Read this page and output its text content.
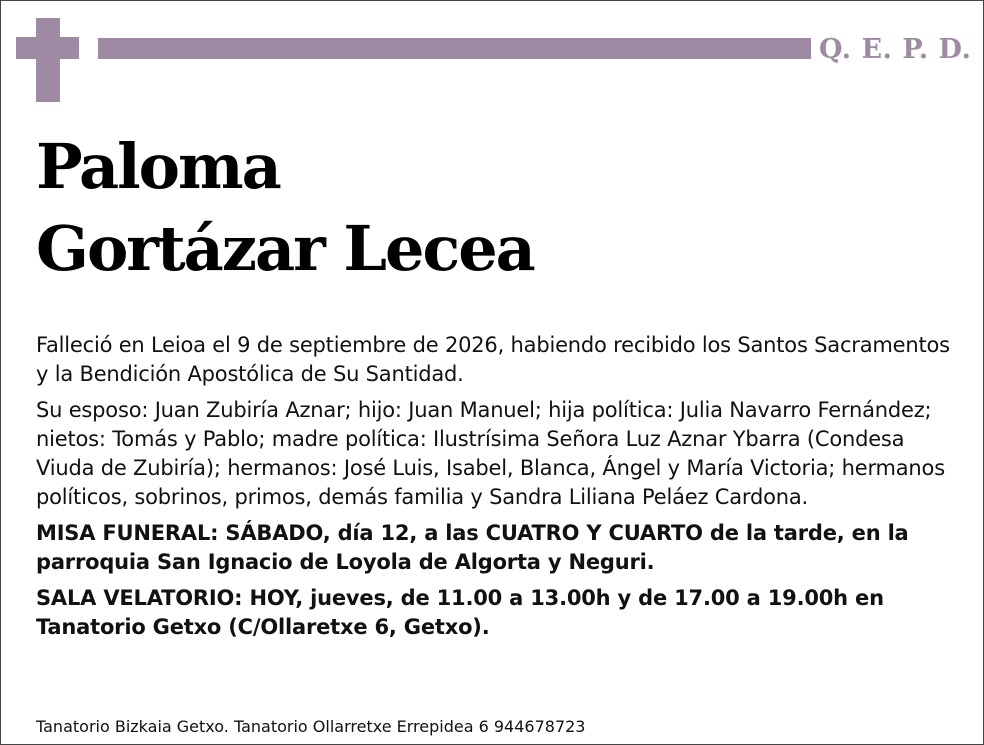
Q. E. P. D.
Paloma
Gortázar Lecea

Falleció en Leioa el 9 de septiembre de 2026, habiendo recibido los Santos Sacramentos y la Bendición Apostólica de Su Santidad.

Su esposo: Juan Zubiría Aznar; hijo: Juan Manuel; hija política: Julia Navarro Fernández; nietos: Tomás y Pablo; madre política: Ilustrísima Señora Luz Aznar Ybarra (Condesa Viuda de Zubiría); hermanos: José Luis, Isabel, Blanca, Ángel y María Victoria; hermanos políticos, sobrinos, primos, demás familia y Sandra Liliana Peláez Cardona.

MISA FUNERAL: SÁBADO, día 12, a las CUATRO Y CUARTO de la tarde, en la parroquia San Ignacio de Loyola de Algorta y Neguri.

SALA VELATORIO: HOY, jueves, de 11.00 a 13.00h y de 17.00 a 19.00h en Tanatorio Getxo (C/Ollaretxe 6, Getxo).

Tanatorio Bizkaia Getxo. Tanatorio Ollarretxe Errepidea 6 944678723
